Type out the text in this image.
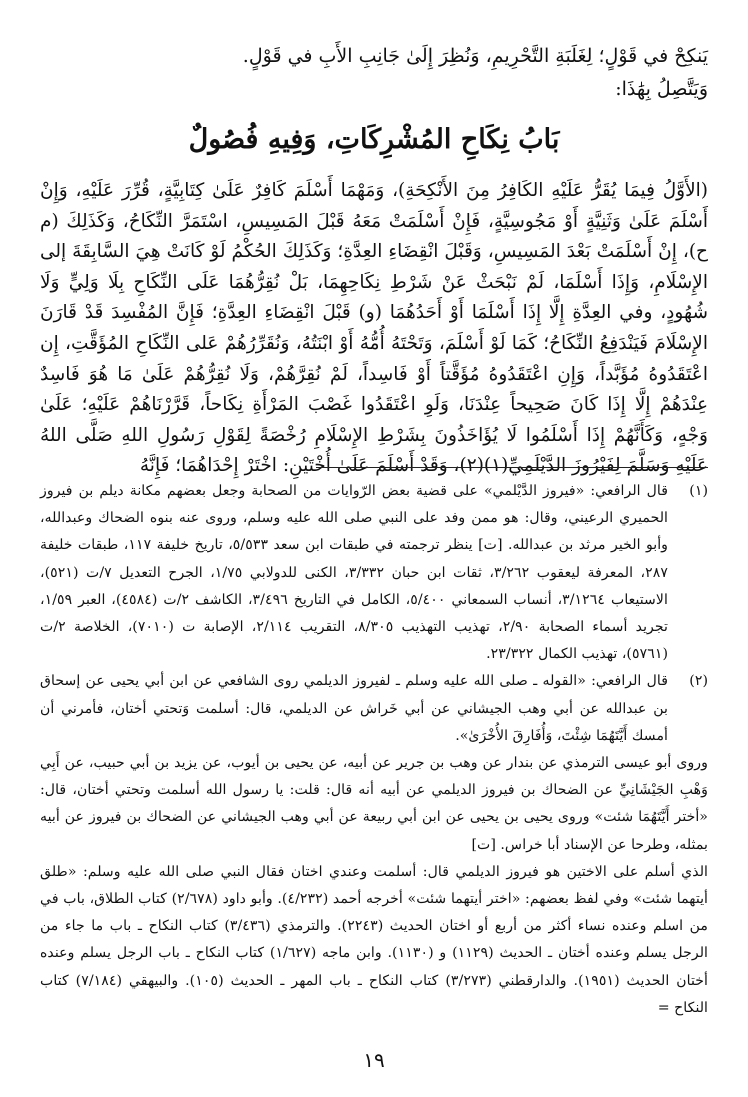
يَنكِحْ في قَوْلٍ؛ لِغَلَبَةِ التَّحْرِيمِ، وَنُظِرَ إِلَىٰ جَانِبِ الأَبِ في قَوْلٍ.

وَيَتَّصِلُ بِهَٰذَا:

بَابُ نِكَاحِ المُشْرِكَاتِ، وَفِيهِ فُصُولٌ

(الأَوَّلُ فِيمَا يُقَرُّ عَلَيْهِ الكَافِرُ مِنَ الأَنْكِحَةِ)، وَمَهْمَا أَسْلَمَ كَافِرٌ عَلَىٰ كِتَابِيَّةٍ، قُرِّرَ عَلَيْهِ، وَإِنْ أَسْلَمَ عَلَىٰ وَثَنِيَّةٍ أَوْ مَجُوسِيَّةٍ، فَإِنْ أَسْلَمَتْ مَعَهُ قَبْلَ المَسِيسِ، اسْتَمَرَّ النِّكَاحُ، وَكَذَلِكَ (م ح)، إِنْ أَسْلَمَتْ بَعْدَ المَسِيسِ، وَقَبْلَ انْقِضَاءِ العِدَّةِ؛ وَكَذَلِكَ الحُكْمُ لَوْ كَانَتْ هِيَ السَّابِقَةَ إلى الإِسْلَامِ، وَإِذَا أَسْلَمَا، لَمْ نَبْحَثْ عَنْ شَرْطِ نِكَاحِهِمَا، بَلْ نُقِرُّهُمَا عَلَى النِّكَاحِ بِلَا وَلِيٍّ وَلَا شُهُودٍ، وفي العِدَّةِ إِلَّا إِذَا أَسْلَمَا أَوْ أَحَدُهُمَا (و) قَبْلَ انْقِضَاءِ العِدَّةِ؛ فَإِنَّ المُفْسِدَ قَدْ قَارَنَ الإِسْلَامَ فَيَنْدَفِعُ النِّكَاحُ؛ كَمَا لَوْ أَسْلَمَ، وَتَحْتَهُ أُمُّهُ أَوْ ابْنَتُهُ، وَنُقَرِّرُهُمْ عَلى النِّكَاحِ المُؤَقَّتِ، إِن اعْتَقَدُوهُ مُؤَبَّداً، وَإِنِ اعْتَقَدُوهُ مُؤَقَّتاً أَوْ فَاسِداً، لَمْ نُقِرَّهُمْ، وَلَا نُقِرُّهُمْ عَلَىٰ مَا هُوَ فَاسِدٌ عِنْدَهُمْ إِلَّا إِذَا كَانَ صَحِيحاً عِنْدَنَا، وَلَوِ اعْتَقَدُوا غَصْبَ المَرْأَةِ نِكَاحاً، قَرَّرْنَاهُمْ عَلَيْهِ؛ عَلَىٰ وَجْهٍ، وَكَأَنَّهُمْ إِذَا أَسْلَمُوا لَا يُؤَاخَذُونَ بِشَرْطِ الإِسْلَامِ رُخْصَةً لِقَوْلِ رَسُولِ اللهِ صَلَّى اللهُ عَلَيْهِ وَسَلَّمَ لِفَيْرُوزَ الدَّيْلَمِيِّ(١)(٢)، وَقَدْ أَسْلَمَ عَلَىٰ أُخْتَيْنِ: اخْتَرْ إِحْدَاهُمَا؛ فَإِنَّهُ

(١)

قال الرافعي: «فيروز الدَّيْلمي» على قضية بعض الرّوايات من الصحابة وجعل بعضهم مكانة ديلم بن فيروز الحميري الرعيني، وقال: هو ممن وفد على النبي صلى الله عليه وسلم، وروى عنه بنوه الضحاك وعبدالله، وأبو الخير مرثد بن عبدالله. [ت] ينظر ترجمته في طبقات ابن سعد ٥/٥٣٣، تاريخ خليفة ١١٧، طبقات خليفة ٢٨٧، المعرفة ليعقوب ٣/٢٦٢، ثقات ابن حبان ٣/٣٣٢، الكنى للدولابي ١/٧٥، الجرح التعديل ٧/ت (٥٢١)، الاستيعاب ٣/١٢٦٤، أنساب السمعاني ٥/٤٠٠، الكامل في التاريخ ٣/٤٩٦، الكاشف ٢/ت (٤٥٨٤)، العبر ١/٥٩، تجريد أسماء الصحابة ٢/٩٠، تهذيب التهذيب ٨/٣٠٥، التقريب ٢/١١٤، الإصابة ت (٧٠١٠)، الخلاصة ٢/ت (٥٧٦١)، تهذيب الكمال ٢٣/٣٢٢.

(٢)

قال الرافعي: «القوله ـ صلى الله عليه وسلم ـ لفيروز الديلمي روى الشافعي عن ابن أبي يحيى عن إسحاق بن عبدالله عن أبي وهب الجيشاني عن أبي خَراش عن الديلمي، قال: أسلمت وَتحتي أختان، فأمرني أن أمسك أَيَّتَهُمَا شِئْتَ، وَأُفَارِقَ الأُخْرَىٰ».

وروى أبو عيسى الترمذي عن بندار عن وهب بن جرير عن أبيه، عن يحيى بن أيوب، عن يزيد بن أبي حبيب، عن أَبِي وَهْبِ الجَيْشَانِيِّ عن الضحاك بن فيروز الديلمي عن أبيه أنه قال: قلت: يا رسول الله أسلمت وتحتي أختان، قال: «أختر أَيَّتَهُمَا شئت» وروى يحيى بن يحيى عن ابن أبي ربيعة عن أبي وهب الجيشاني عن الضحاك بن فيروز عن أبيه بمثله، وطرحا عن الإسناد أبا خراس. [ت]

الذي أسلم على الاختين هو فيروز الديلمي قال: أسلمت وعندي اختان فقال النبي صلى الله عليه وسلم: «طلق أيتهما شئت» وفي لفظ بعضهم: «اختر أيتهما شئت» أخرجه أحمد (٤/٢٣٢). وأبو داود (٢/٦٧٨) كتاب الطلاق، باب في من اسلم وعنده نساء أكثر من أربع أو اختان الحديث (٢٢٤٣). والترمذي (٣/٤٣٦) كتاب النكاح ـ باب ما جاء من الرجل يسلم وعنده أختان ـ الحديث (١١٢٩) و (١١٣٠). وابن ماجه (١/٦٢٧) كتاب النكاح ـ باب الرجل يسلم وعنده أختان الحديث (١٩٥١). والدارقطني (٣/٢٧٣) كتاب النكاح ـ باب المهر ـ الحديث (١٠٥). والبيهقي (٧/١٨٤) كتاب النكاح =

١٩
